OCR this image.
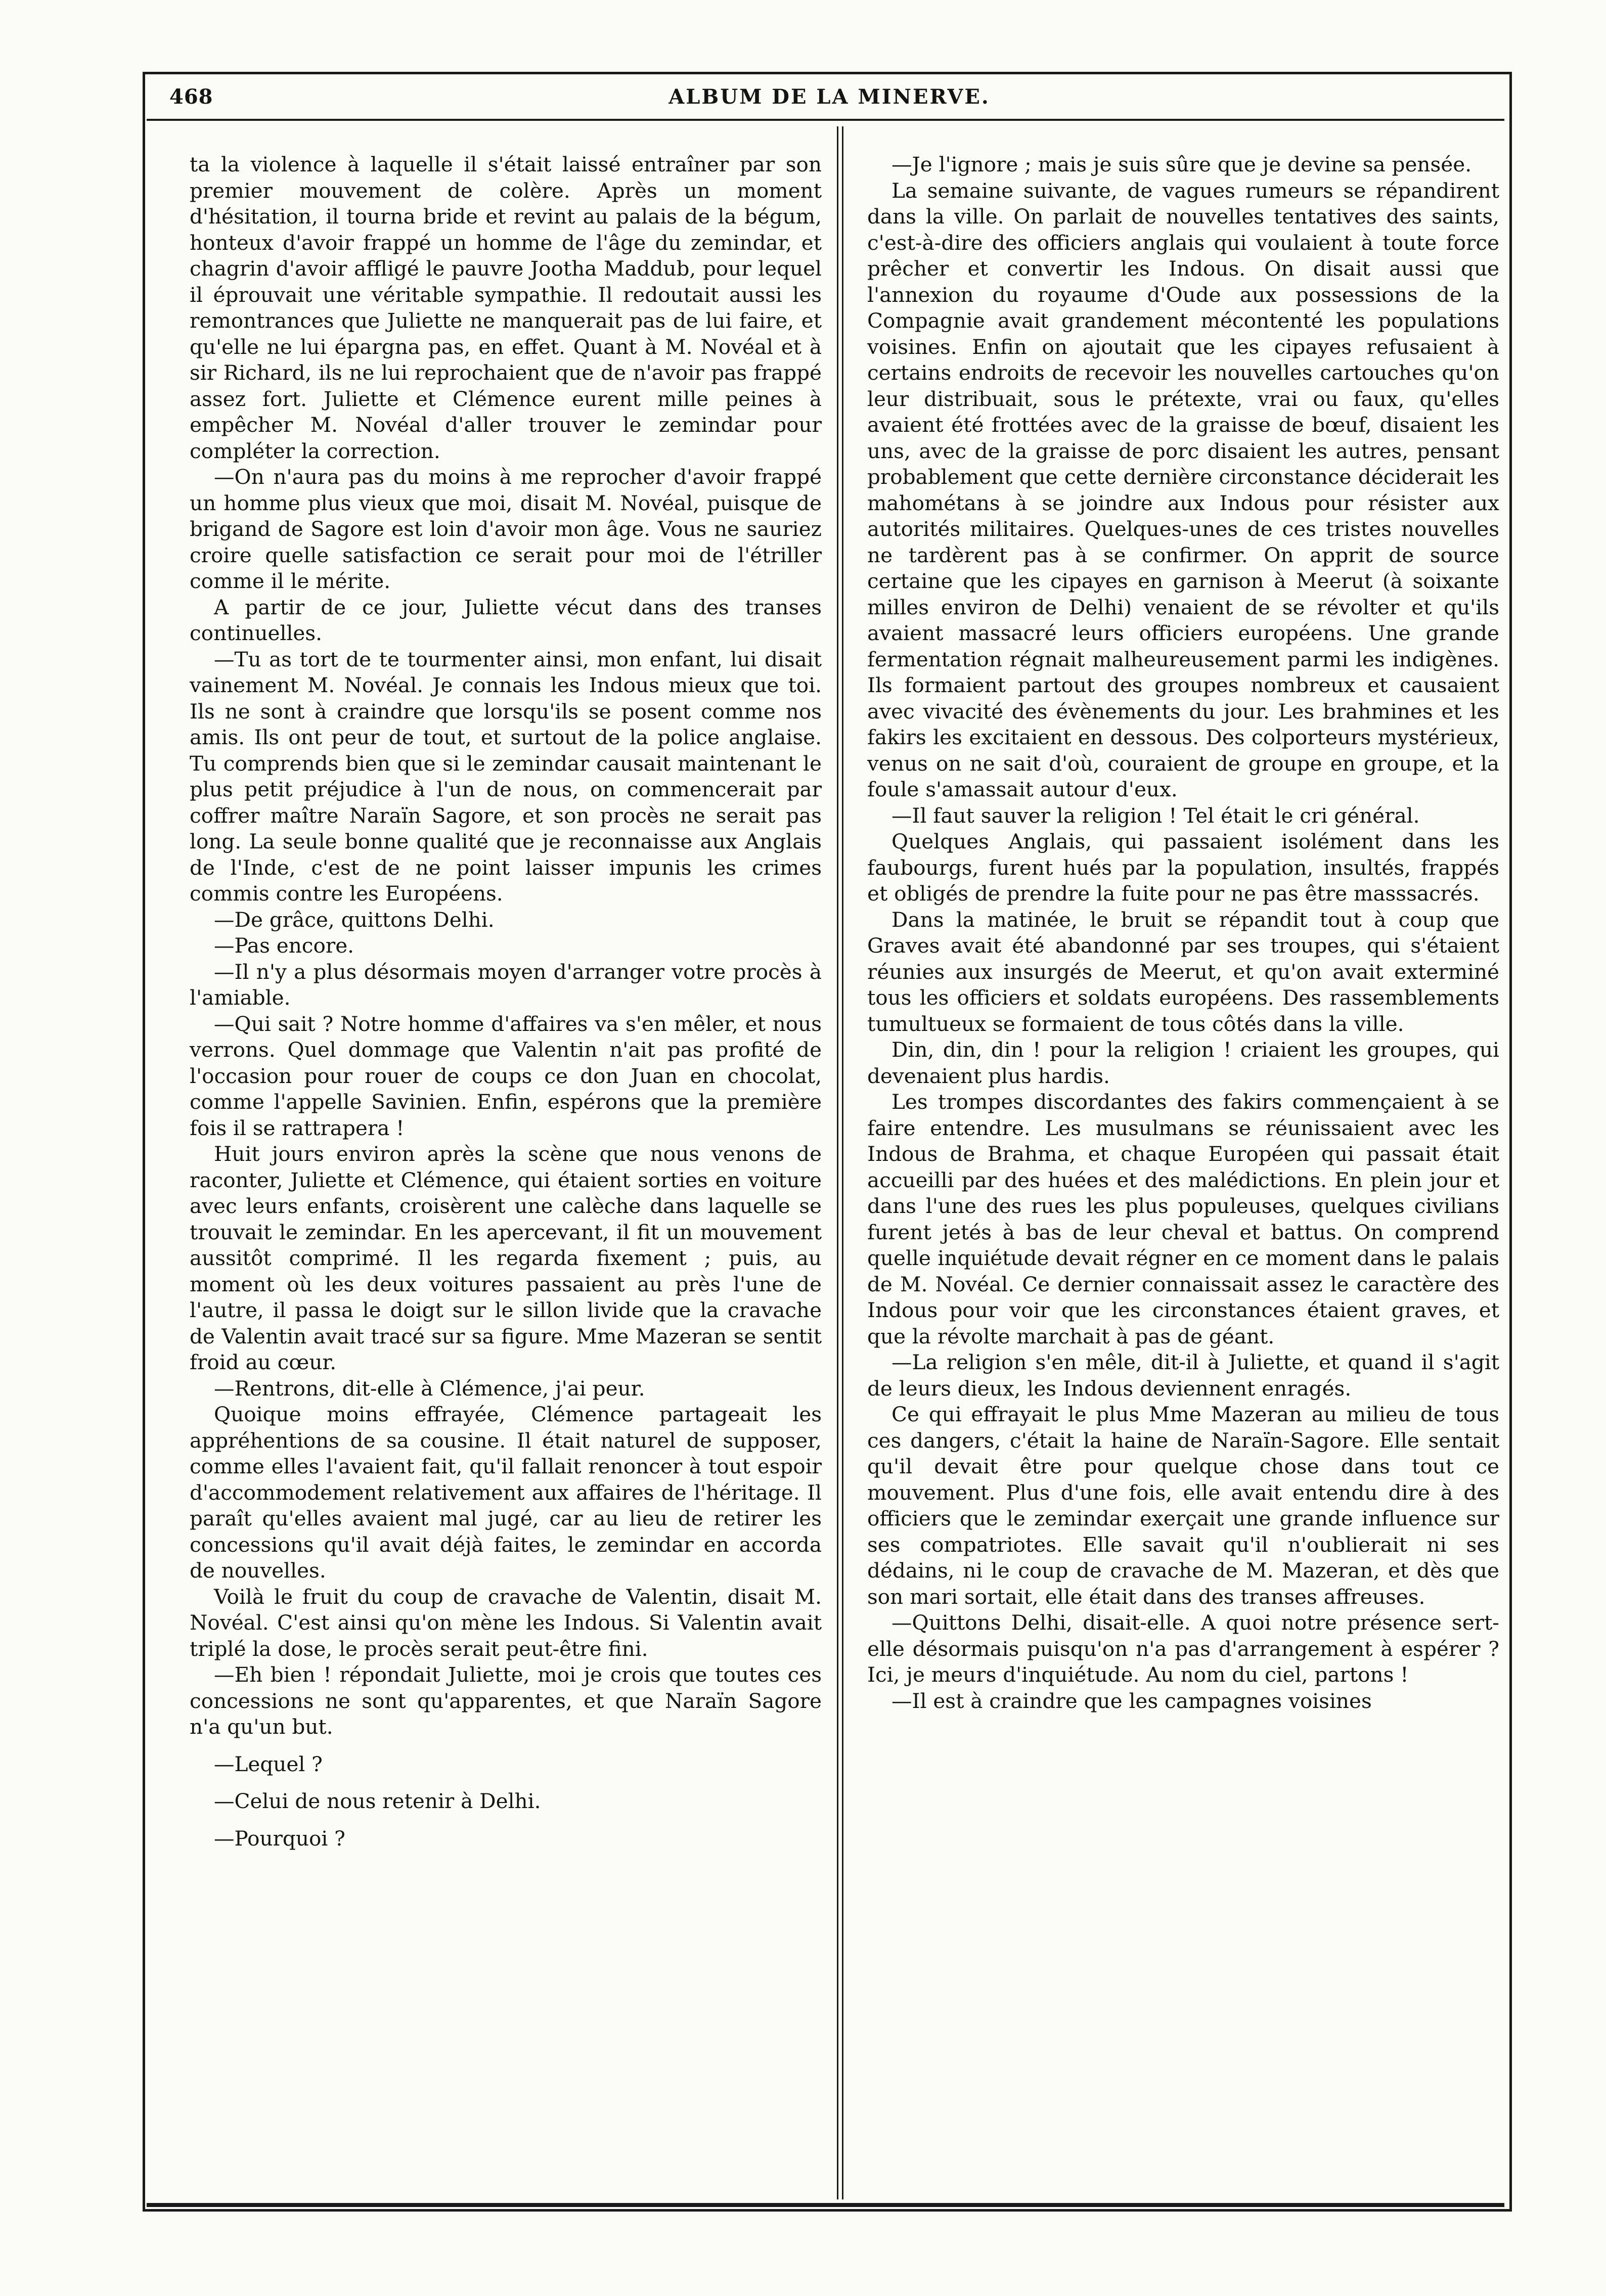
468	ALBUM DE LA MINERVE.

ta la violence à laquelle il s'était laissé entraîner par son premier mouvement de colère. Après un moment d'hésitation, il tourna bride et revint au palais de la bégum, honteux d'avoir frappé un homme de l'âge du zemindar, et chagrin d'avoir affligé le pauvre Jootha Maddub, pour lequel il éprouvait une véritable sympathie. Il redoutait aussi les remontrances que Juliette ne manquerait pas de lui faire, et qu'elle ne lui épargna pas, en effet. Quant à M. Novéal et à sir Richard, ils ne lui reprochaient que de n'avoir pas frappé assez fort. Juliette et Clémence eurent mille peines à empêcher M. Novéal d'aller trouver le zemindar pour compléter la correction.

—On n'aura pas du moins à me reprocher d'avoir frappé un homme plus vieux que moi, disait M. Novéal, puisque de brigand de Sagore est loin d'avoir mon âge. Vous ne sauriez croire quelle satisfaction ce serait pour moi de l'étriller comme il le mérite.

A partir de ce jour, Juliette vécut dans des transes continuelles.

—Tu as tort de te tourmenter ainsi, mon enfant, lui disait vainement M. Novéal. Je connais les Indous mieux que toi. Ils ne sont à craindre que lorsqu'ils se posent comme nos amis. Ils ont peur de tout, et surtout de la police anglaise. Tu comprends bien que si le zemindar causait maintenant le plus petit préjudice à l'un de nous, on commencerait par coffrer maître Naraïn Sagore, et son procès ne serait pas long. La seule bonne qualité que je reconnaisse aux Anglais de l'Inde, c'est de ne point laisser impunis les crimes commis contre les Européens.

—De grâce, quittons Delhi.

—Pas encore.

—Il n'y a plus désormais moyen d'arranger votre procès à l'amiable.

—Qui sait ? Notre homme d'affaires va s'en mêler, et nous verrons. Quel dommage que Valentin n'ait pas profité de l'occasion pour rouer de coups ce don Juan en chocolat, comme l'appelle Savinien. Enfin, espérons que la première fois il se rattrapera !

Huit jours environ après la scène que nous venons de raconter, Juliette et Clémence, qui étaient sorties en voiture avec leurs enfants, croisèrent une calèche dans laquelle se trouvait le zemindar. En les apercevant, il fit un mouvement aussitôt comprimé. Il les regarda fixement ; puis, au moment où les deux voitures passaient au près l'une de l'autre, il passa le doigt sur le sillon livide que la cravache de Valentin avait tracé sur sa figure. Mme Mazeran se sentit froid au cœur.

—Rentrons, dit-elle à Clémence, j'ai peur.

Quoique moins effrayée, Clémence partageait les appréhentions de sa cousine. Il était naturel de supposer, comme elles l'avaient fait, qu'il fallait renoncer à tout espoir d'accommodement relativement aux affaires de l'héritage. Il paraît qu'elles avaient mal jugé, car au lieu de retirer les concessions qu'il avait déjà faites, le zemindar en accorda de nouvelles.

Voilà le fruit du coup de cravache de Valentin, disait M. Novéal. C'est ainsi qu'on mène les Indous. Si Valentin avait triplé la dose, le procès serait peut-être fini.

—Eh bien ! répondait Juliette, moi je crois que toutes ces concessions ne sont qu'apparentes, et que Naraïn Sagore n'a qu'un but.

—Lequel ?

—Celui de nous retenir à Delhi.

—Pourquoi ?

—Je l'ignore ; mais je suis sûre que je devine sa pensée.

La semaine suivante, de vagues rumeurs se répandirent dans la ville. On parlait de nouvelles tentatives des saints, c'est-à-dire des officiers anglais qui voulaient à toute force prêcher et convertir les Indous. On disait aussi que l'annexion du royaume d'Oude aux possessions de la Compagnie avait grandement mécontenté les populations voisines. Enfin on ajoutait que les cipayes refusaient à certains endroits de recevoir les nouvelles cartouches qu'on leur distribuait, sous le prétexte, vrai ou faux, qu'elles avaient été frottées avec de la graisse de bœuf, disaient les uns, avec de la graisse de porc disaient les autres, pensant probablement que cette dernière circonstance déciderait les mahométans à se joindre aux Indous pour résister aux autorités militaires. Quelques-unes de ces tristes nouvelles ne tardèrent pas à se confirmer. On apprit de source certaine que les cipayes en garnison à Meerut (à soixante milles environ de Delhi) venaient de se révolter et qu'ils avaient massacré leurs officiers européens. Une grande fermentation régnait malheureusement parmi les indigènes. Ils formaient partout des groupes nombreux et causaient avec vivacité des évènements du jour. Les brahmines et les fakirs les excitaient en dessous. Des colporteurs mystérieux, venus on ne sait d'où, couraient de groupe en groupe, et la foule s'amassait autour d'eux.

—Il faut sauver la religion ! Tel était le cri général.

Quelques Anglais, qui passaient isolément dans les faubourgs, furent hués par la population, insultés, frappés et obligés de prendre la fuite pour ne pas être masssacrés.

Dans la matinée, le bruit se répandit tout à coup que Graves avait été abandonné par ses troupes, qui s'étaient réunies aux insurgés de Meerut, et qu'on avait exterminé tous les officiers et soldats européens. Des rassemblements tumultueux se formaient de tous côtés dans la ville.

Din, din, din ! pour la religion ! criaient les groupes, qui devenaient plus hardis.

Les trompes discordantes des fakirs commençaient à se faire entendre. Les musulmans se réunissaient avec les Indous de Brahma, et chaque Européen qui passait était accueilli par des huées et des malédictions. En plein jour et dans l'une des rues les plus populeuses, quelques civilians furent jetés à bas de leur cheval et battus. On comprend quelle inquiétude devait régner en ce moment dans le palais de M. Novéal. Ce dernier connaissait assez le caractère des Indous pour voir que les circonstances étaient graves, et que la révolte marchait à pas de géant.

—La religion s'en mêle, dit-il à Juliette, et quand il s'agit de leurs dieux, les Indous deviennent enragés.

Ce qui effrayait le plus Mme Mazeran au milieu de tous ces dangers, c'était la haine de Naraïn-Sagore. Elle sentait qu'il devait être pour quelque chose dans tout ce mouvement. Plus d'une fois, elle avait entendu dire à des officiers que le zemindar exerçait une grande influence sur ses compatriotes. Elle savait qu'il n'oublierait ni ses dédains, ni le coup de cravache de M. Mazeran, et dès que son mari sortait, elle était dans des transes affreuses.

—Quittons Delhi, disait-elle. A quoi notre présence sert-elle désormais puisqu'on n'a pas d'arrangement à espérer ? Ici, je meurs d'inquiétude. Au nom du ciel, partons !

—Il est à craindre que les campagnes voisines
